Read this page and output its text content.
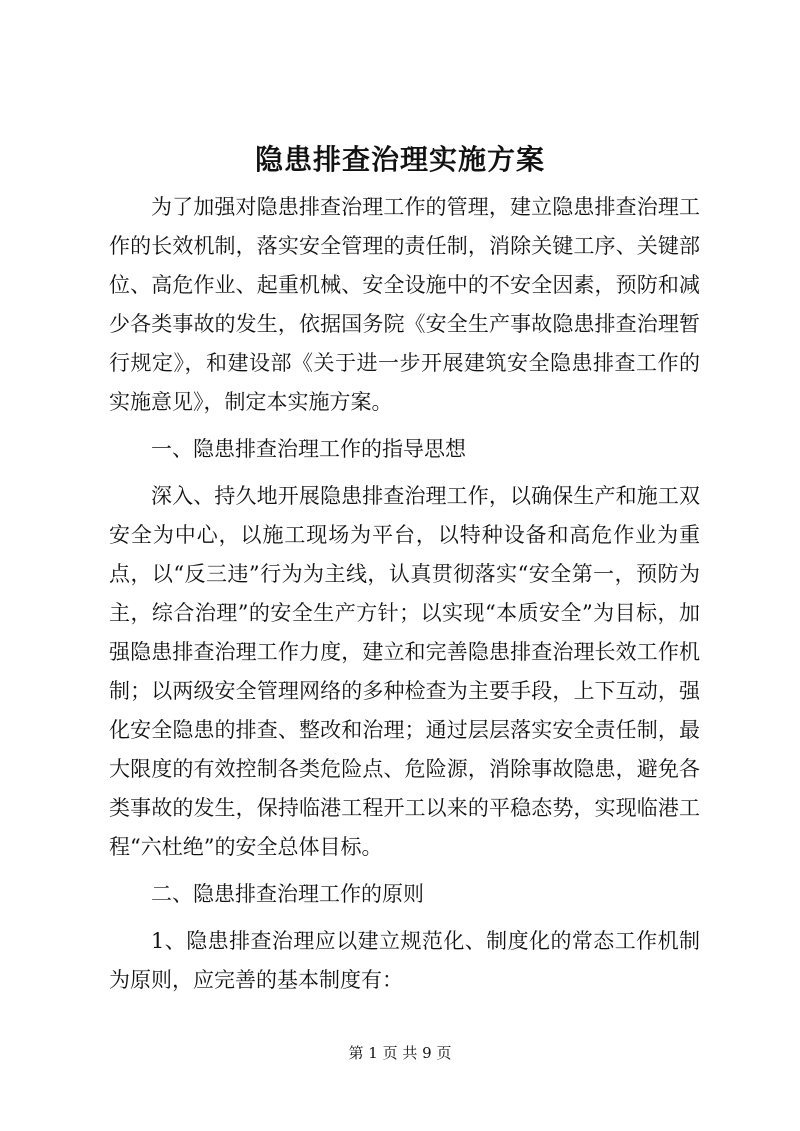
隐患排查治理实施方案

为了加强对隐患排查治理工作的管理，建立隐患排查治理工作的长效机制，落实安全管理的责任制，消除关键工序、关键部位、高危作业、起重机械、安全设施中的不安全因素，预防和减少各类事故的发生，依据国务院《安全生产事故隐患排查治理暂行规定》，和建设部《关于进一步开展建筑安全隐患排查工作的实施意见》，制定本实施方案。

一、隐患排查治理工作的指导思想

深入、持久地开展隐患排查治理工作，以确保生产和施工双安全为中心，以施工现场为平台，以特种设备和高危作业为重点，以“反三违”行为为主线，认真贯彻落实“安全第一，预防为主，综合治理”的安全生产方针；以实现“本质安全”为目标，加强隐患排查治理工作力度，建立和完善隐患排查治理长效工作机制；以两级安全管理网络的多种检查为主要手段，上下互动，强化安全隐患的排查、整改和治理；通过层层落实安全责任制，最大限度的有效控制各类危险点、危险源，消除事故隐患，避免各类事故的发生，保持临港工程开工以来的平稳态势，实现临港工程“六杜绝”的安全总体目标。

二、隐患排查治理工作的原则

1、隐患排查治理应以建立规范化、制度化的常态工作机制为原则，应完善的基本制度有：

第 1 页 共 9 页
